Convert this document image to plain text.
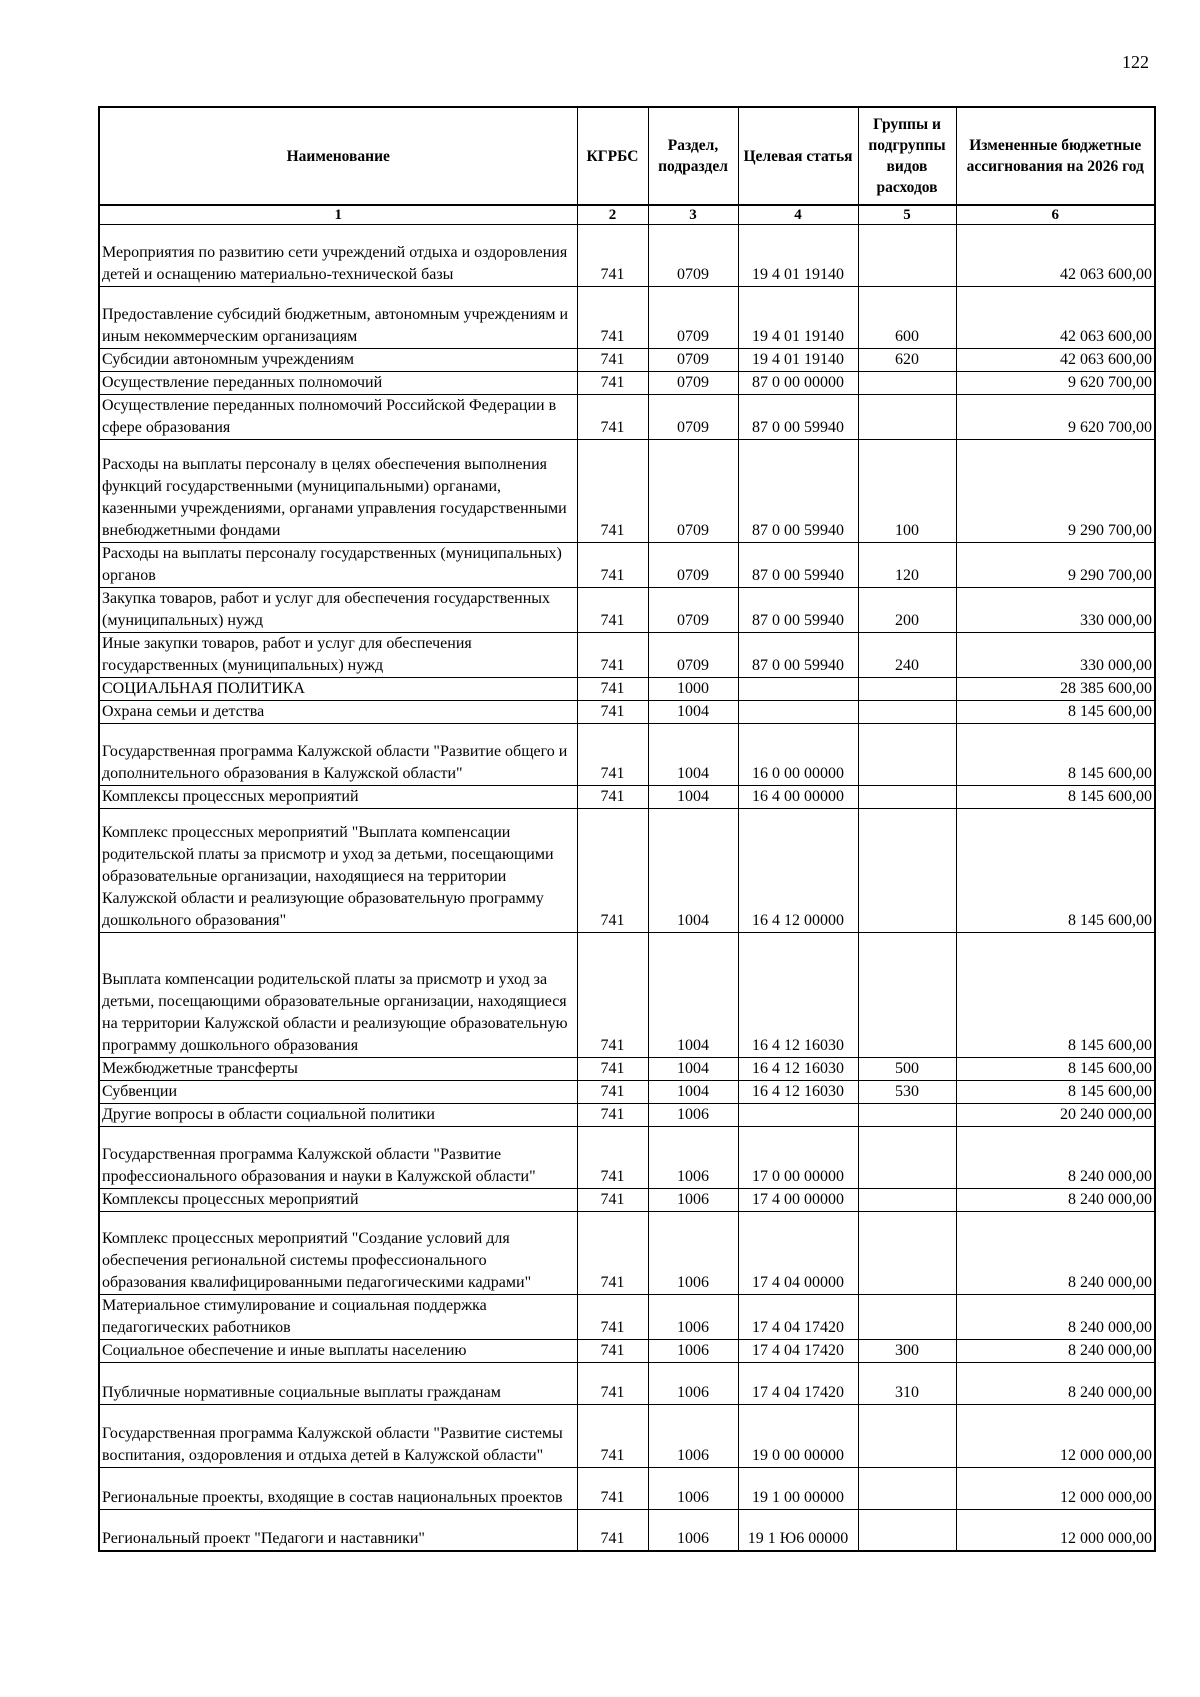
122
Наименование	КГРБС	Раздел, подраздел	Целевая статья	Группы и подгруппы видов расходов	Измененные бюджетные ассигнования на 2026 год
1	2	3	4	5	6
Мероприятия по развитию сети учреждений отдыха и оздоровления детей и оснащению материально-технической базы	741	0709	19 4 01 19140		42 063 600,00
Предоставление субсидий бюджетным, автономным учреждениям и иным некоммерческим организациям	741	0709	19 4 01 19140	600	42 063 600,00
Субсидии автономным учреждениям	741	0709	19 4 01 19140	620	42 063 600,00
Осуществление переданных полномочий	741	0709	87 0 00 00000		9 620 700,00
Осуществление переданных полномочий Российской Федерации в сфере образования	741	0709	87 0 00 59940		9 620 700,00
Расходы на выплаты персоналу в целях обеспечения выполнения функций государственными (муниципальными) органами, казенными учреждениями, органами управления государственными внебюджетными фондами	741	0709	87 0 00 59940	100	9 290 700,00
Расходы на выплаты персоналу государственных (муниципальных) органов	741	0709	87 0 00 59940	120	9 290 700,00
Закупка товаров, работ и услуг для обеспечения государственных (муниципальных) нужд	741	0709	87 0 00 59940	200	330 000,00
Иные закупки товаров, работ и услуг для обеспечения государственных (муниципальных) нужд	741	0709	87 0 00 59940	240	330 000,00
СОЦИАЛЬНАЯ ПОЛИТИКА	741	1000			28 385 600,00
Охрана семьи и детства	741	1004			8 145 600,00
Государственная программа Калужской области "Развитие общего и дополнительного образования в Калужской области"	741	1004	16 0 00 00000		8 145 600,00
Комплексы процессных мероприятий	741	1004	16 4 00 00000		8 145 600,00
Комплекс процессных мероприятий "Выплата компенсации родительской платы за присмотр и уход за детьми, посещающими образовательные организации, находящиеся на территории Калужской области и реализующие образовательную программу дошкольного образования"	741	1004	16 4 12 00000		8 145 600,00
Выплата компенсации родительской платы за присмотр и уход за детьми, посещающими образовательные организации, находящиеся на территории Калужской области и реализующие образовательную программу дошкольного образования	741	1004	16 4 12 16030		8 145 600,00
Межбюджетные трансферты	741	1004	16 4 12 16030	500	8 145 600,00
Субвенции	741	1004	16 4 12 16030	530	8 145 600,00
Другие вопросы в области социальной политики	741	1006			20 240 000,00
Государственная программа Калужской области "Развитие профессионального образования и науки в Калужской области"	741	1006	17 0 00 00000		8 240 000,00
Комплексы процессных мероприятий	741	1006	17 4 00 00000		8 240 000,00
Комплекс процессных мероприятий "Создание условий для обеспечения региональной системы профессионального образования квалифицированными педагогическими кадрами"	741	1006	17 4 04 00000		8 240 000,00
Материальное стимулирование и социальная поддержка педагогических работников	741	1006	17 4 04 17420		8 240 000,00
Социальное обеспечение и иные выплаты населению	741	1006	17 4 04 17420	300	8 240 000,00
Публичные нормативные социальные выплаты гражданам	741	1006	17 4 04 17420	310	8 240 000,00
Государственная программа Калужской области "Развитие системы воспитания, оздоровления и отдыха детей в Калужской области"	741	1006	19 0 00 00000		12 000 000,00
Региональные проекты, входящие в состав национальных проектов	741	1006	19 1 00 00000		12 000 000,00
Региональный проект "Педагоги и наставники"	741	1006	19 1 Ю6 00000		12 000 000,00
